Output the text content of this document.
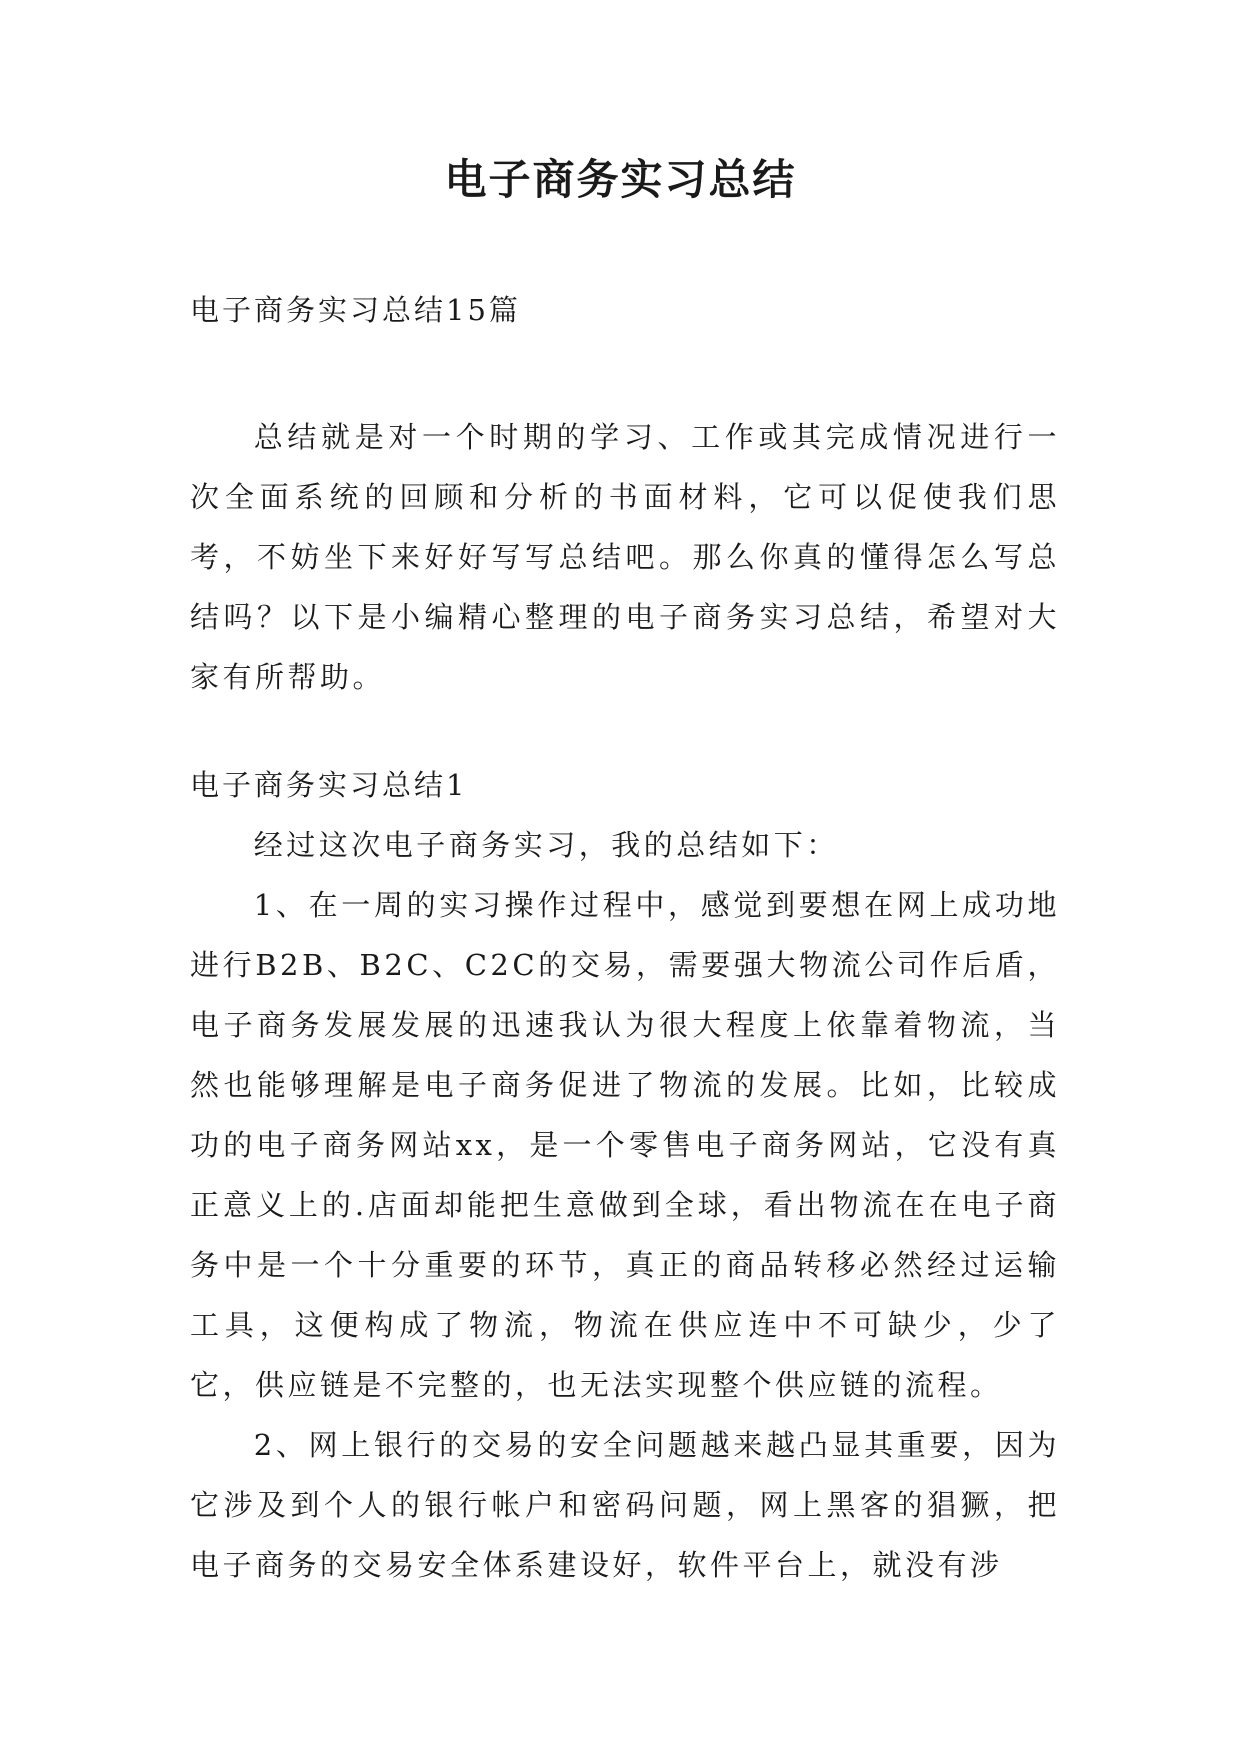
电子商务实习总结

电子商务实习总结15篇

总结就是对一个时期的学习、工作或其完成情况进行一次全面系统的回顾和分析的书面材料，它可以促使我们思考，不妨坐下来好好写写总结吧。那么你真的懂得怎么写总结吗？以下是小编精心整理的电子商务实习总结，希望对大家有所帮助。

电子商务实习总结1

经过这次电子商务实习，我的总结如下：

1、在一周的实习操作过程中，感觉到要想在网上成功地进行B2B、B2C、C2C的交易，需要强大物流公司作后盾，电子商务发展发展的迅速我认为很大程度上依靠着物流，当然也能够理解是电子商务促进了物流的发展。比如，比较成功的电子商务网站xx，是一个零售电子商务网站，它没有真正意义上的.店面却能把生意做到全球，看出物流在在电子商务中是一个十分重要的环节，真正的商品转移必然经过运输工具，这便构成了物流，物流在供应连中不可缺少，少了它，供应链是不完整的，也无法实现整个供应链的流程。

2、网上银行的交易的安全问题越来越凸显其重要，因为它涉及到个人的银行帐户和密码问题，网上黑客的猖獗，把电子商务的交易安全体系建设好，软件平台上，就没有涉
